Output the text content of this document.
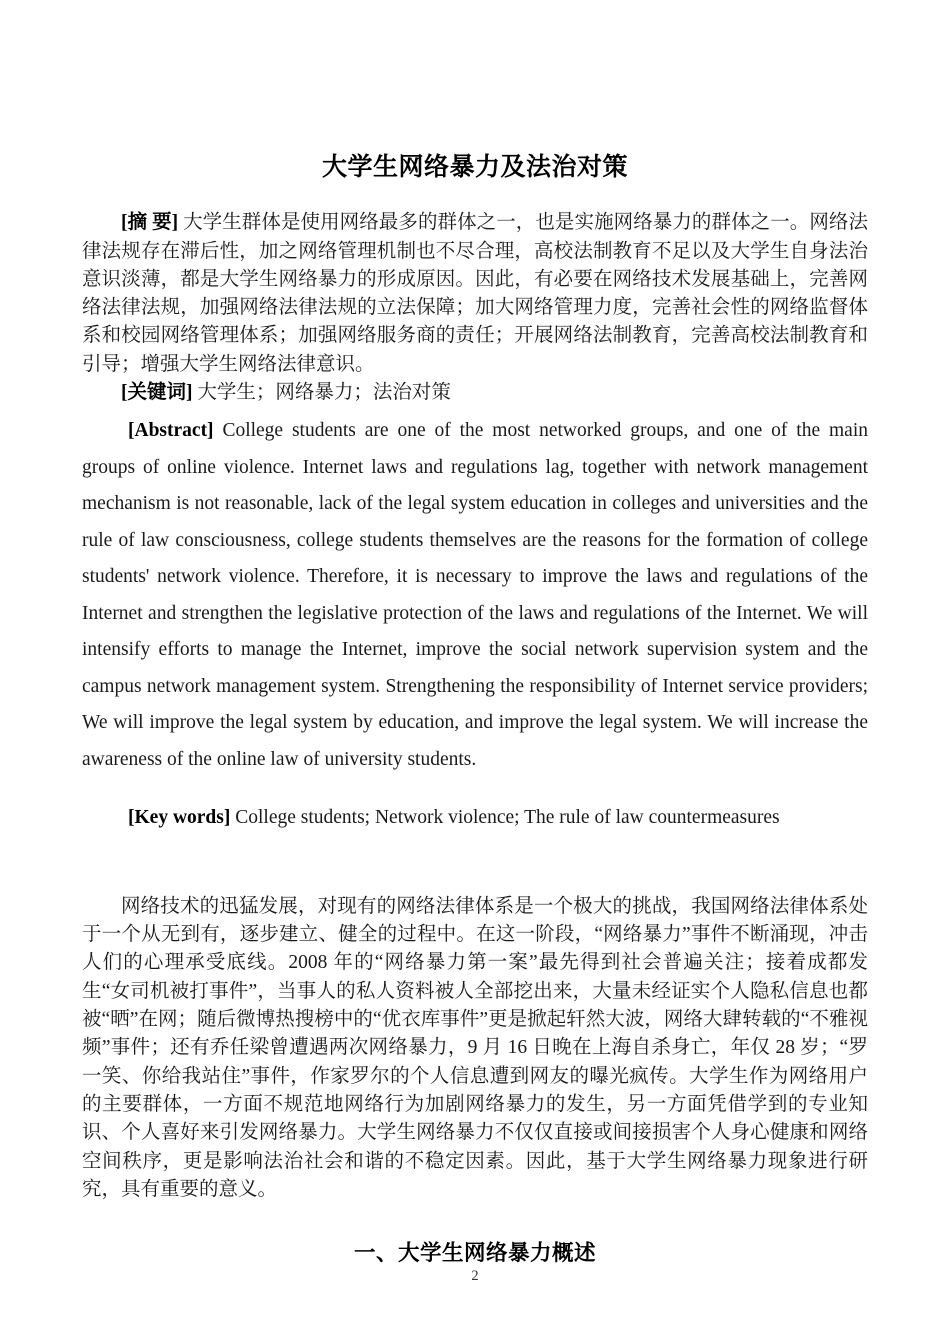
大学生网络暴力及法治对策

[摘 要] 大学生群体是使用网络最多的群体之一，也是实施网络暴力的群体之一。网络法律法规存在滞后性，加之网络管理机制也不尽合理，高校法制教育不足以及大学生自身法治意识淡薄，都是大学生网络暴力的形成原因。因此，有必要在网络技术发展基础上，完善网络法律法规，加强网络法律法规的立法保障；加大网络管理力度，完善社会性的网络监督体系和校园网络管理体系；加强网络服务商的责任；开展网络法制教育，完善高校法制教育和引导；增强大学生网络法律意识。

[关键词] 大学生；网络暴力；法治对策

[Abstract] College students are one of the most networked groups, and one of the main groups of online violence. Internet laws and regulations lag, together with network management mechanism is not reasonable, lack of the legal system education in colleges and universities and the rule of law consciousness, college students themselves are the reasons for the formation of college students' network violence. Therefore, it is necessary to improve the laws and regulations of the Internet and strengthen the legislative protection of the laws and regulations of the Internet. We will intensify efforts to manage the Internet, improve the social network supervision system and the campus network management system. Strengthening the responsibility of Internet service providers; We will improve the legal system by education, and improve the legal system. We will increase the awareness of the online law of university students.

[Key words] College students; Network violence; The rule of law countermeasures

网络技术的迅猛发展，对现有的网络法律体系是一个极大的挑战，我国网络法律体系处于一个从无到有，逐步建立、健全的过程中。在这一阶段，“网络暴力”事件不断涌现，冲击人们的心理承受底线。2008 年的“网络暴力第一案”最先得到社会普遍关注；接着成都发生“女司机被打事件”，当事人的私人资料被人全部挖出来，大量未经证实个人隐私信息也都被“晒”在网；随后微博热搜榜中的“优衣库事件”更是掀起轩然大波，网络大肆转载的“不雅视频”事件；还有乔任梁曾遭遇两次网络暴力，9 月 16 日晚在上海自杀身亡，年仅 28 岁；“罗一笑、你给我站住”事件，作家罗尔的个人信息遭到网友的曝光疯传。大学生作为网络用户的主要群体，一方面不规范地网络行为加剧网络暴力的发生，另一方面凭借学到的专业知识、个人喜好来引发网络暴力。大学生网络暴力不仅仅直接或间接损害个人身心健康和网络空间秩序，更是影响法治社会和谐的不稳定因素。因此，基于大学生网络暴力现象进行研究，具有重要的意义。

一、大学生网络暴力概述
2
